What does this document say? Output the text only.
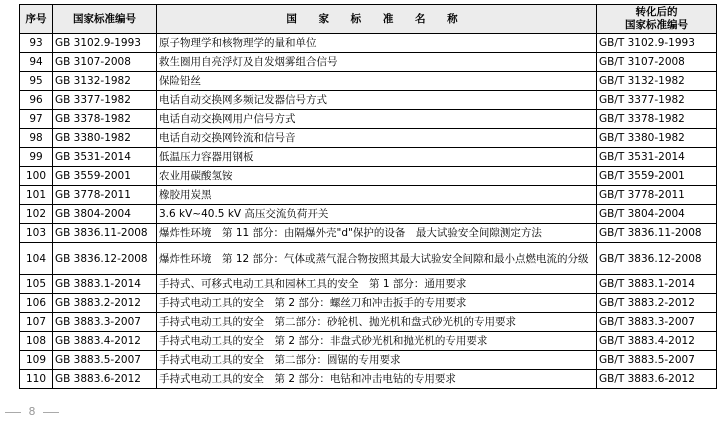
序号	国家标准编号	国 家 标 准 名 称	转化后的
国家标准编号

93	GB 3102.9-1993	原子物理学和核物理学的量和单位	GB/T 3102.9-1993
94	GB 3107-2008	救生圈用自亮浮灯及自发烟雾组合信号	GB/T 3107-2008
95	GB 3132-1982	保险铅丝	GB/T 3132-1982
96	GB 3377-1982	电话自动交换网多频记发器信号方式	GB/T 3377-1982
97	GB 3378-1982	电话自动交换网用户信号方式	GB/T 3378-1982
98	GB 3380-1982	电话自动交换网铃流和信号音	GB/T 3380-1982
99	GB 3531-2014	低温压力容器用钢板	GB/T 3531-2014
100	GB 3559-2001	农业用碳酸氢铵	GB/T 3559-2001
101	GB 3778-2011	橡胶用炭黑	GB/T 3778-2011
102	GB 3804-2004	3.6 kV~40.5 kV 高压交流负荷开关	GB/T 3804-2004
103	GB 3836.11-2008	爆炸性环境　第 11 部分：由隔爆外壳"d"保护的设备　最大试验安全间隙测定方法	GB/T 3836.11-2008
104	GB 3836.12-2008	爆炸性环境　第 12 部分：气体或蒸气混合物按照其最大试验安全间隙和最小点燃电流的分级	GB/T 3836.12-2008
105	GB 3883.1-2014	手持式、可移式电动工具和园林工具的安全　第 1 部分：通用要求	GB/T 3883.1-2014
106	GB 3883.2-2012	手持式电动工具的安全　第 2 部分：螺丝刀和冲击扳手的专用要求	GB/T 3883.2-2012
107	GB 3883.3-2007	手持式电动工具的安全　第二部分：砂轮机、抛光机和盘式砂光机的专用要求	GB/T 3883.3-2007
108	GB 3883.4-2012	手持式电动工具的安全　第 2 部分：非盘式砂光机和抛光机的专用要求	GB/T 3883.4-2012
109	GB 3883.5-2007	手持式电动工具的安全　第二部分：圆锯的专用要求	GB/T 3883.5-2007
110	GB 3883.6-2012	手持式电动工具的安全　第 2 部分：电钻和冲击电钻的专用要求	GB/T 3883.6-2012
8
